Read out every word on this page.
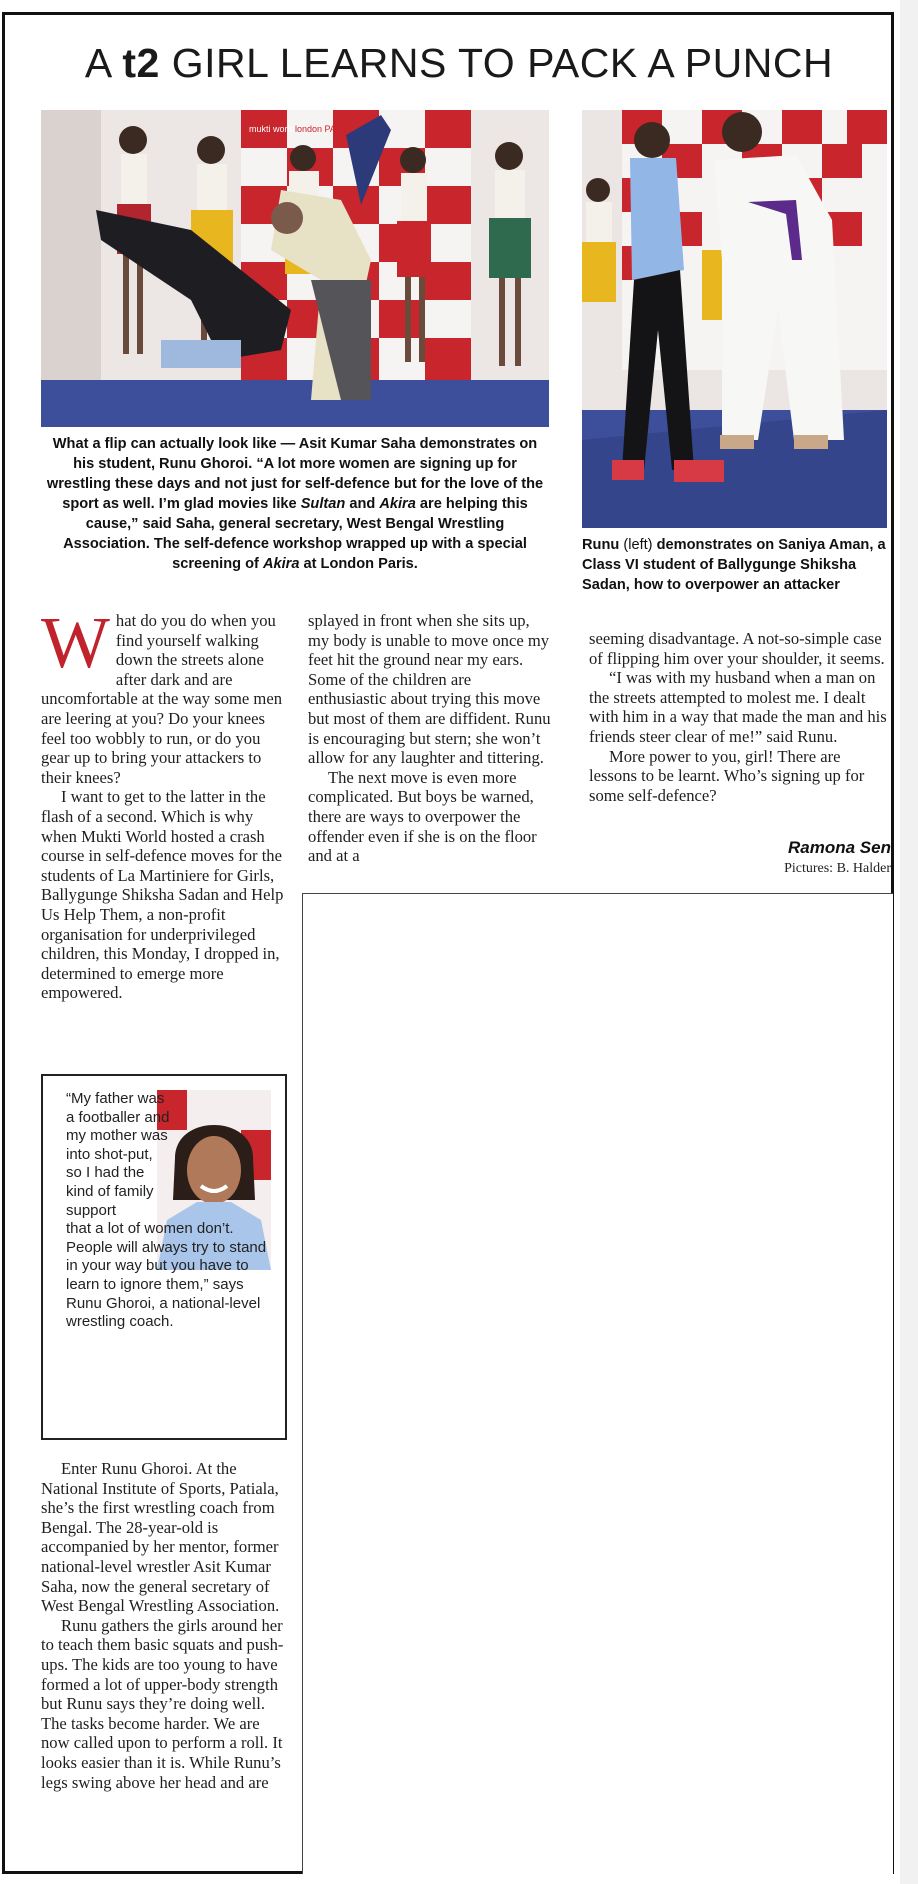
A t2 GIRL LEARNS TO PACK A PUNCH
mukti world london PARIS
What a flip can actually look like — Asit Kumar Saha demonstrates on his student, Runu Ghoroi. “A lot more women are signing up for wrestling these days and not just for self-defence but for the love of the sport as well. I’m glad movies like Sultan and Akira are helping this cause,” said Saha, general secretary, West Bengal Wrestling Association. The self-defence workshop wrapped up with a special screening of Akira at London Paris.
Runu (left) demonstrates on Saniya Aman, a Class VI student of Ballygunge Shiksha Sadan, how to overpower an attacker

What do you do when you find yourself walking down the streets alone after dark and are uncomfortable at the way some men are leering at you? Do your knees feel too wobbly to run, or do you gear up to bring your attackers to their knees?

I want to get to the latter in the flash of a second. Which is why when Mukti World hosted a crash course in self-defence moves for the students of La Martiniere for Girls, Ballygunge Shiksha Sadan and Help Us Help Them, a non-profit organisation for underprivileged children, this Monday, I dropped in, determined to emerge more empowered.

“My father was a footballer and my mother was into shot-put, so I had the kind of family support
that a lot of women don’t. People will always try to stand in your way but you have to learn to ignore them,” says Runu Ghoroi, a national-level wrestling coach.

Enter Runu Ghoroi. At the National Institute of Sports, Patiala, she’s the first wrestling coach from Bengal. The 28-year-old is accompanied by her mentor, former national-level wrestler Asit Kumar Saha, now the general secretary of West Bengal Wrestling Association.

Runu gathers the girls around her to teach them basic squats and push-ups. The kids are too young to have formed a lot of upper-body strength but Runu says they’re doing well. The tasks become harder. We are now called upon to perform a roll. It looks easier than it is. While Runu’s legs swing above her head and are

splayed in front when she sits up, my body is unable to move once my feet hit the ground near my ears. Some of the children are enthusiastic about trying this move but most of them are diffident. Runu is encouraging but stern; she won’t allow for any laughter and tittering.

The next move is even more complicated. But boys be warned, there are ways to overpower the offender even if she is on the floor and at a

seeming disadvantage. A not-so-simple case of flipping him over your shoulder, it seems.

“I was with my husband when a man on the streets attempted to molest me. I dealt with him in a way that made the man and his friends steer clear of me!” said Runu.

More power to you, girl! There are lessons to be learnt. Who’s signing up for some self-defence?

Ramona Sen
Pictures: B. Halder
